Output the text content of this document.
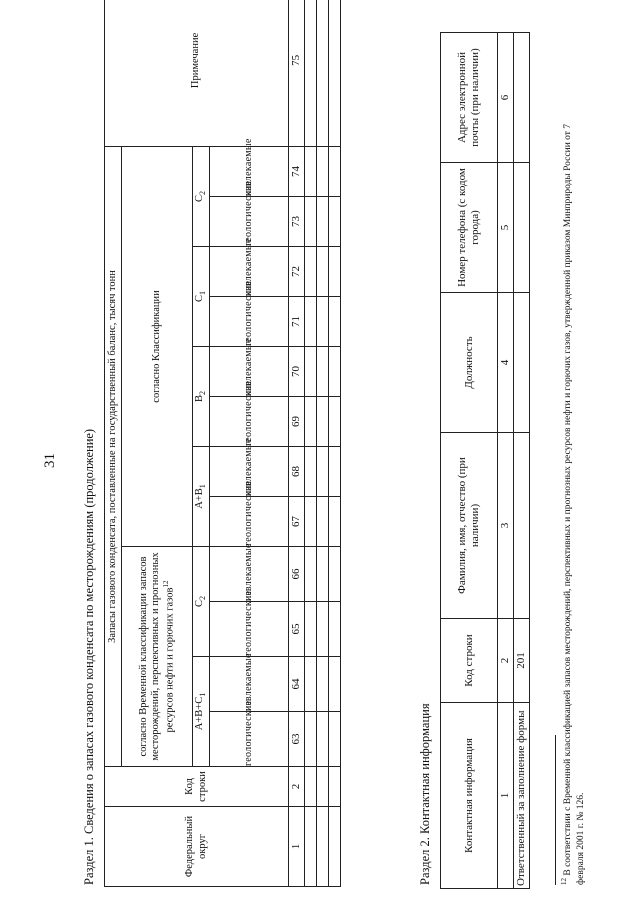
31 Раздел 1. Сведения о запасах газового конденсата по месторождениям (продолжение)	Федеральный округ	Код строки	Запасы газового конденсата, поставленные на государственный баланс, тысяч тонн												Примечание
		согласно Временной классификации запасов месторождений, перспективных и прогнозных ресурсов нефти и горючих газов$^{12}$				согласно Классификации								
		$А+В+С_1$		$С_2$		$А+В_1$		$В_2$		$С_1$		$С_2$
		геологические	извлекаемые	геологические	извлекаемые	геологические	извлекаемые	геологические	извлекаемые	геологические	извлекаемые	геологические	извлекаемые	
1	2	63	64	65	66	67	68	69	70	71	72	73	74	75

Раздел 2. Контактная информация	Контактная информация	Код строки	Фамилия, имя, отчество (при наличии)	Должность	Номер телефона (с кодом города)	Адрес электронной почты (при наличии)
1	2	3	4	5	6
Ответственный за заполнение формы	201				
$^{12}$ В соответствии с Временной классификацией запасов месторождений, перспективных и прогнозных ресурсов нефти и горючих газов, утвержденной приказом Минприроды России от 7 февраля 2001 г. № 126.
